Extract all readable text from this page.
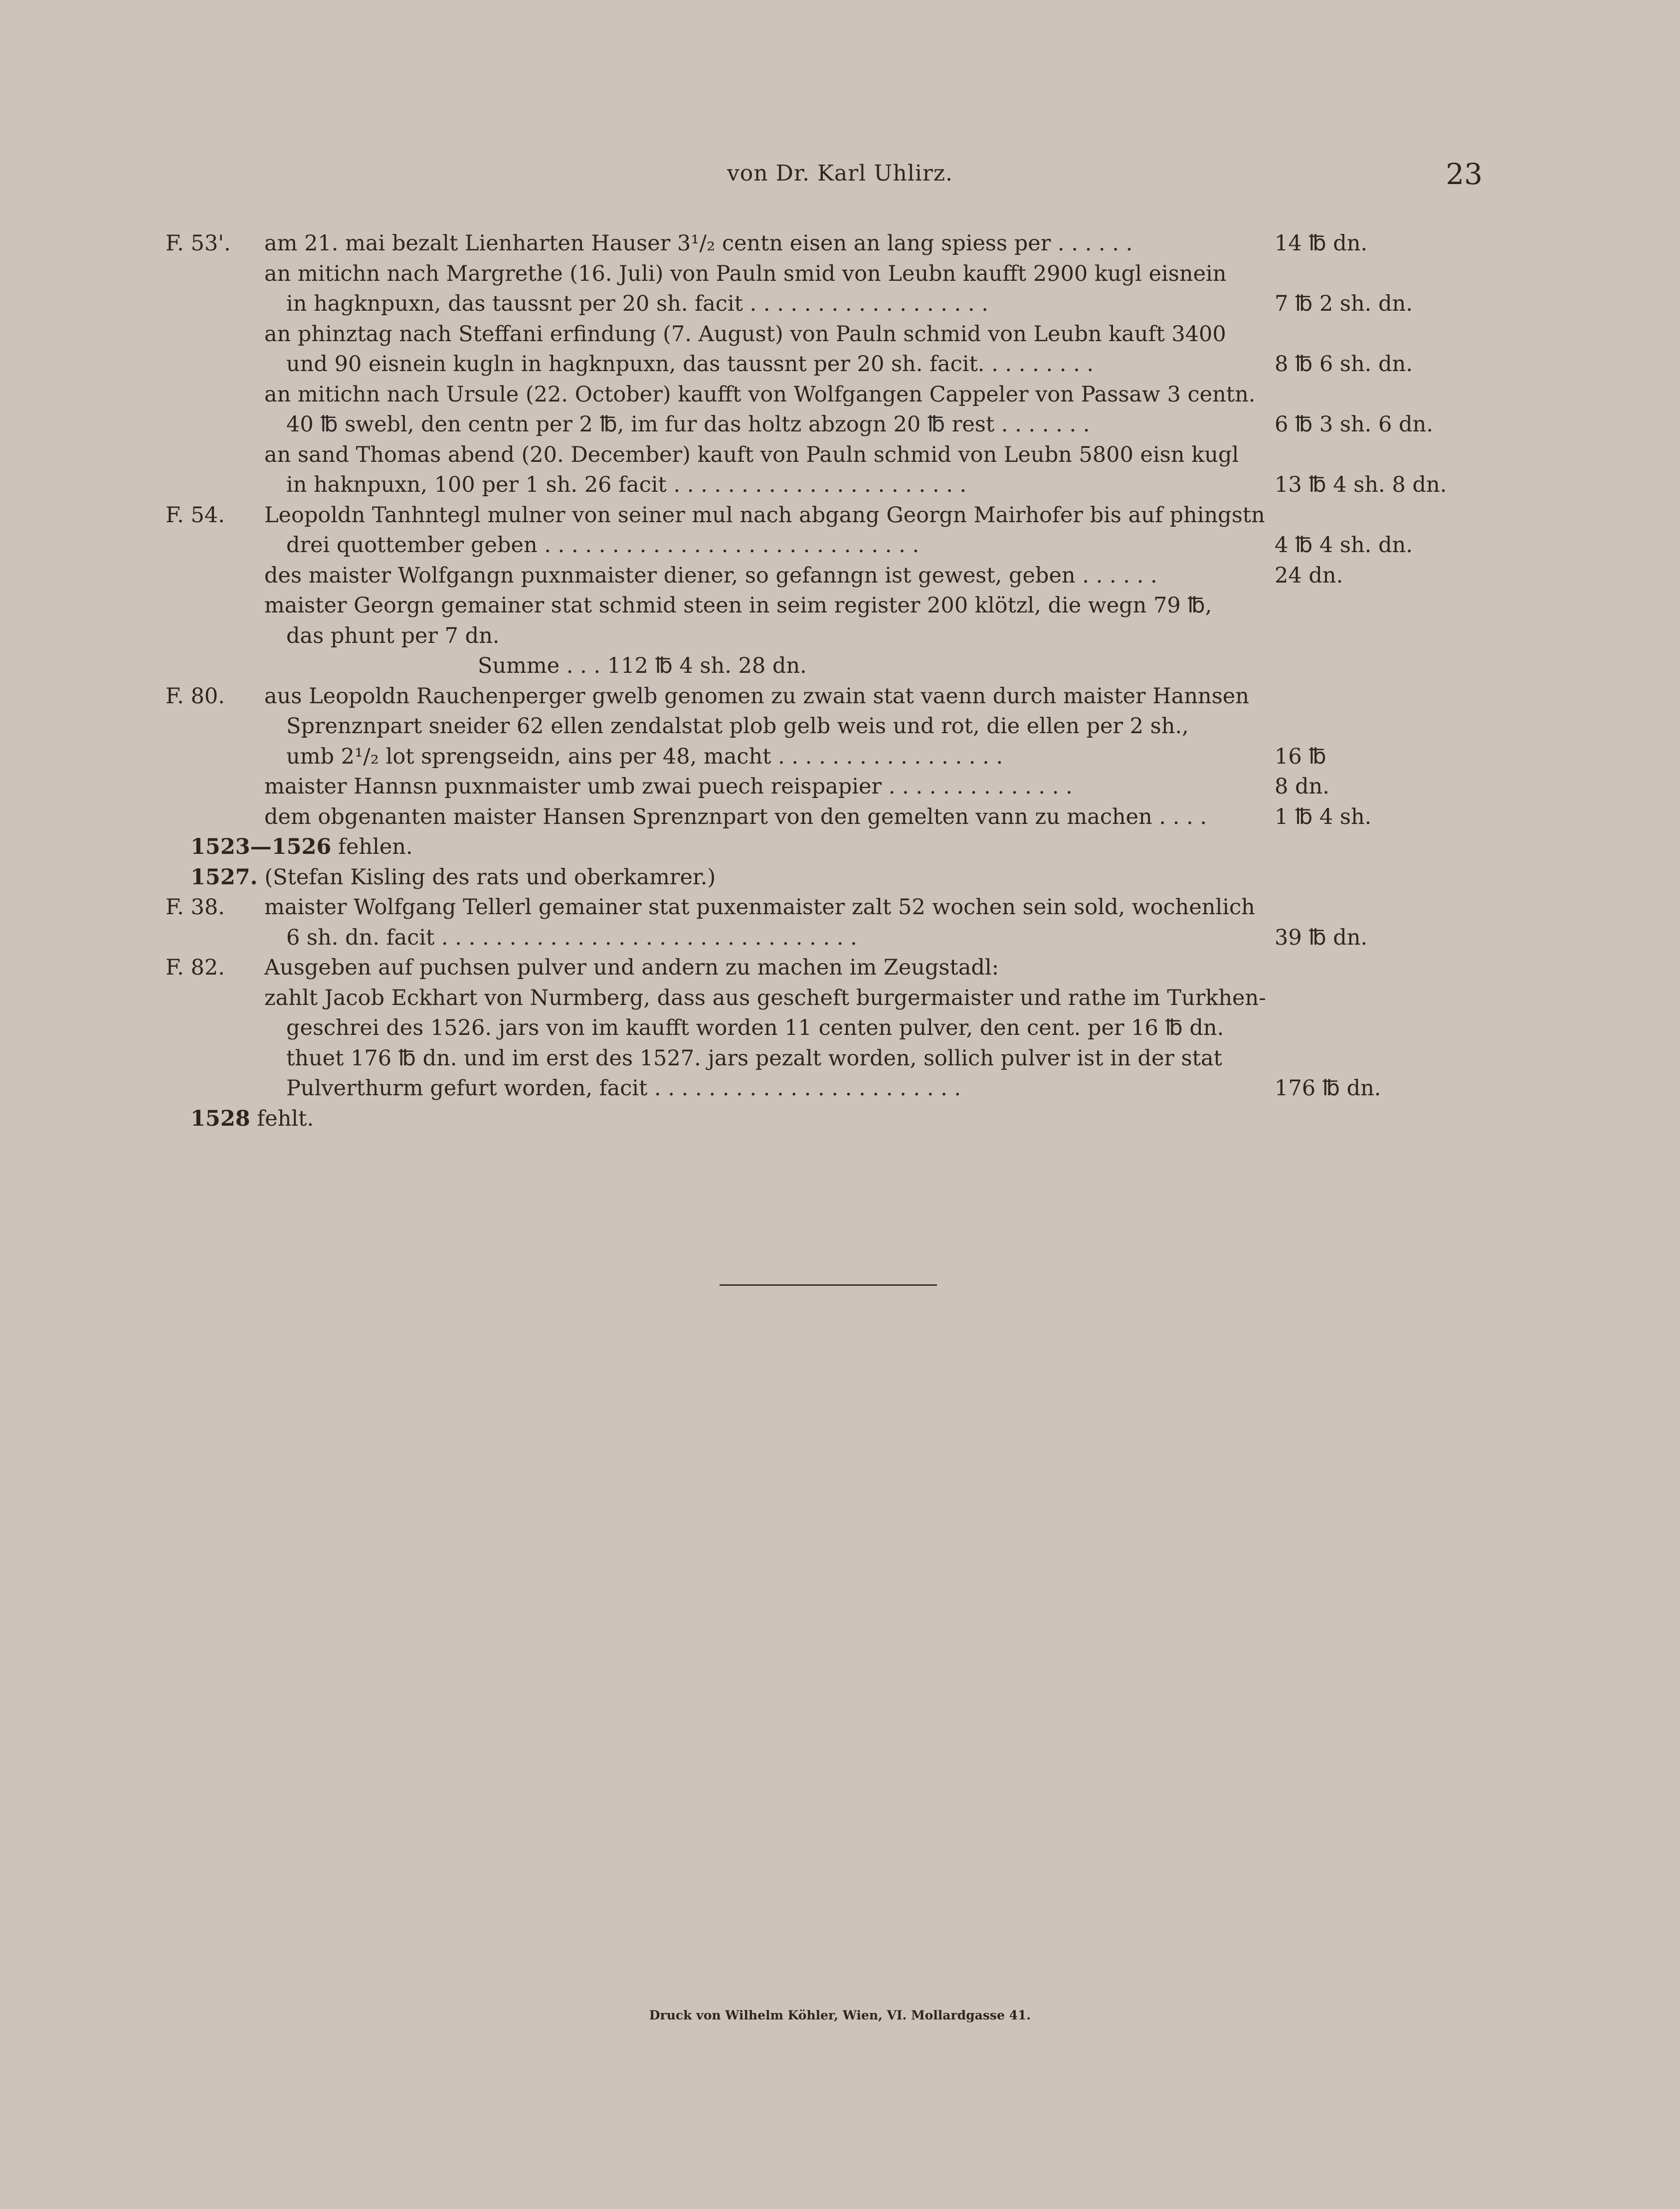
von Dr. Karl Uhlirz.	23
F. 53'. am 21. mai bezalt Lienharten Hauser 3¹/₂ centn eisen an lang spiess per . . . . . .	14 ℔ dn.
an mitichn nach Margrethe (16. Juli) von Pauln smid von Leubn kaufft 2900 kugl eisnein
in hagknpuxn, das taussnt per 20 sh. facit . . . . . . . . . . . . . . . . . .	7 ℔ 2 sh. dn.
an phinztag nach Steffani erfindung (7. August) von Pauln schmid von Leubn kauft 3400
und 90 eisnein kugln in hagknpuxn, das taussnt per 20 sh. facit. . . . . . . . .	8 ℔ 6 sh. dn.
an mitichn nach Ursule (22. October) kaufft von Wolfgangen Cappeler von Passaw 3 centn.
40 ℔ swebl, den centn per 2 ℔, im fur das holtz abzogn 20 ℔ rest . . . . . . .	6 ℔ 3 sh. 6 dn.
an sand Thomas abend (20. December) kauft von Pauln schmid von Leubn 5800 eisn kugl
in haknpuxn, 100 per 1 sh. 26 facit . . . . . . . . . . . . . . . . . . . . . .	13 ℔ 4 sh. 8 dn.
F. 54. Leopoldn Tanhntegl mulner von seiner mul nach abgang Georgn Mairhofer bis auf phingstn
drei quottember geben . . . . . . . . . . . . . . . . . . . . . . . . . . . .	4 ℔ 4 sh. dn.
des maister Wolfgangn puxnmaister diener, so gefanngn ist gewest, geben . . . . . .	24 dn.
maister Georgn gemainer stat schmid steen in seim register 200 klötzl, die wegn 79 ℔,
das phunt per 7 dn.
Summe . . . 112 ℔ 4 sh. 28 dn.
F. 80. aus Leopoldn Rauchenperger gwelb genomen zu zwain stat vaenn durch maister Hannsen
Sprenznpart sneider 62 ellen zendalstat plob gelb weis und rot, die ellen per 2 sh.,
umb 2¹/₂ lot sprengseidn, ains per 48, macht . . . . . . . . . . . . . . . . .	16 ℔
maister Hannsn puxnmaister umb zwai puech reispapier . . . . . . . . . . . . . .	8 dn.
dem obgenanten maister Hansen Sprenznpart von den gemelten vann zu machen . . . .	1 ℔ 4 sh.
1523—1526 fehlen.
1527. (Stefan Kisling des rats und oberkamrer.)
F. 38. maister Wolfgang Tellerl gemainer stat puxenmaister zalt 52 wochen sein sold, wochenlich
6 sh. dn. facit . . . . . . . . . . . . . . . . . . . . . . . . . . . . . . .	39 ℔ dn.
F. 82. Ausgeben auf puchsen pulver und andern zu machen im Zeugstadl:
zahlt Jacob Eckhart von Nurmberg, dass aus gescheft burgermaister und rathe im Turkhen-
geschrei des 1526. jars von im kaufft worden 11 centen pulver, den cent. per 16 ℔ dn.
thuet 176 ℔ dn. und im erst des 1527. jars pezalt worden, sollich pulver ist in der stat
Pulverthurm gefurt worden, facit . . . . . . . . . . . . . . . . . . . . . . .	176 ℔ dn.
1528 fehlt.
Druck von Wilhelm Köhler, Wien, VI. Mollardgasse 41.
